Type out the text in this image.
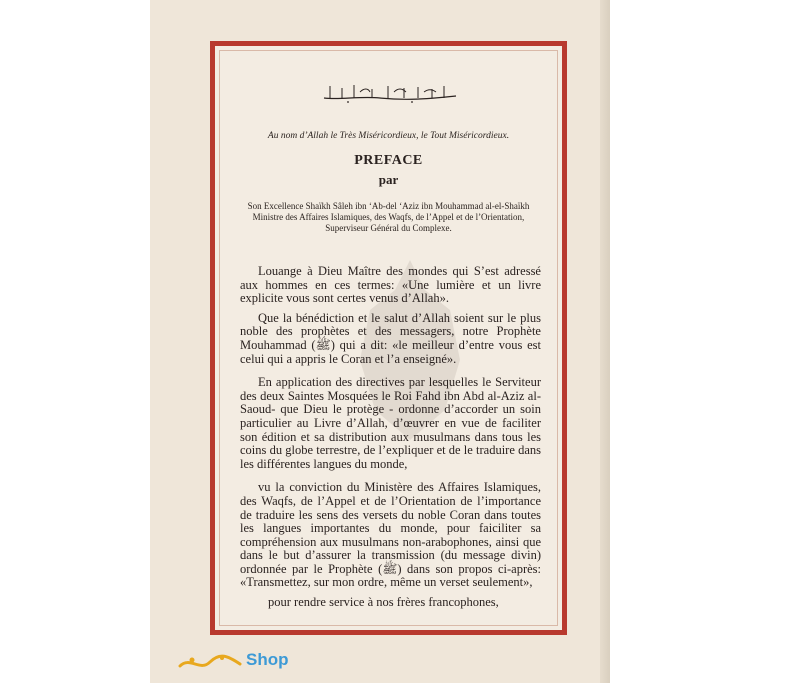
Au nom d’Allah le Très Miséricordieux, le Tout Miséricordieux.
PREFACE
par
Son Excellence Shaïkh Sâleh ibn ‘Ab-del ‘Aziz ibn Mouhammad al-el-Shaïkh
Ministre des Affaires Islamiques, des Waqfs, de l’Appel et de l’Orientation,
Superviseur Général du Complexe.

Louange à Dieu Maître des mondes qui S’est adressé aux hommes en ces termes: «Une lumière et un livre explicite vous sont certes venus d’Allah».

Que la bénédiction et le salut d’Allah soient sur le plus noble des prophètes et des messagers, notre Prophète Mouhammad (ﷺ) qui a dit: «le meilleur d’entre vous est celui qui a appris le Coran et l’a enseigné».

En application des directives par lesquelles le Serviteur des deux Saintes Mosquées le Roi Fahd ibn Abd al-Aziz al-Saoud- que Dieu le protège - ordonne d’accorder un soin particulier au Livre d’Allah, d’œuvrer en vue de faciliter son édition et sa distribution aux musulmans dans tous les coins du globe terrestre, de l’expliquer et de le traduire dans les différentes langues du monde,

vu la conviction du Ministère des Affaires Islamiques, des Waqfs, de l’Appel et de l’Orientation de l’importance de traduire les sens des versets du noble Coran dans toutes les langues importantes du monde, pour faiciliter sa compréhension aux musulmans non-arabophones, ainsi que dans le but d’assurer la transmission (du message divin) ordonnée par le Prophète (ﷺ) dans son propos ci-après: «Transmettez, sur mon ordre, même un verset seulement»,

pour rendre service à nos frères francophones,

Shop
